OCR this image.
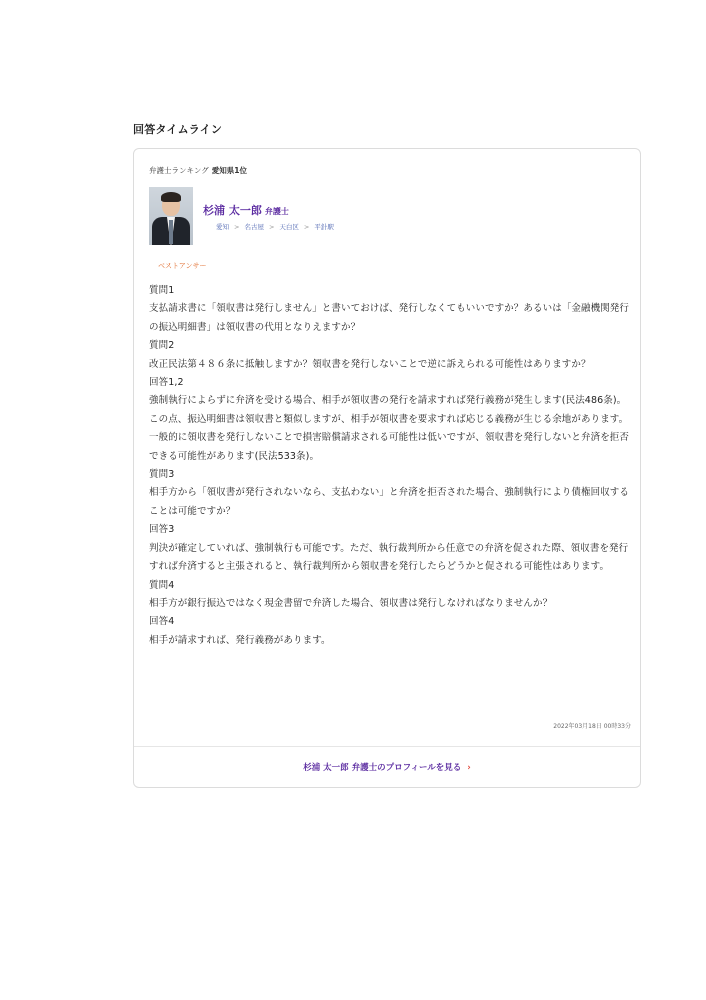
回答タイムライン
弁護士ランキング 愛知県1位
杉浦 太一郎 弁護士
愛知 > 名古屋 > 天白区 > 平針駅
ベストアンサー

質問1

支払請求書に「領収書は発行しません」と書いておけば、発行しなくてもいいですか？あるいは「金融機関発行の振込明細書」は領収書の代用となりえますか？

質問2

改正民法第４８６条に抵触しますか？領収書を発行しないことで逆に訴えられる可能性はありますか？

回答1,2

強制執行によらずに弁済を受ける場合、相手が領収書の発行を請求すれば発行義務が発生します(民法486条)。この点、振込明細書は領収書と類似しますが、相手が領収書を要求すれば応じる義務が生じる余地があります。

一般的に領収書を発行しないことで損害賠償請求される可能性は低いですが、領収書を発行しないと弁済を拒否できる可能性があります(民法533条)。

質問3

相手方から「領収書が発行されないなら、支払わない」と弁済を拒否された場合、強制執行により債権回収することは可能ですか？

回答3

判決が確定していれば、強制執行も可能です。ただ、執行裁判所から任意での弁済を促された際、領収書を発行すれば弁済すると主張されると、執行裁判所から領収書を発行したらどうかと促される可能性はあります。

質問4

相手方が銀行振込ではなく現金書留で弁済した場合、領収書は発行しなければなりませんか？

回答4

相手が請求すれば、発行義務があります。

2022年03月18日 00時33分
杉浦 太一郎 弁護士のプロフィールを見る ›
